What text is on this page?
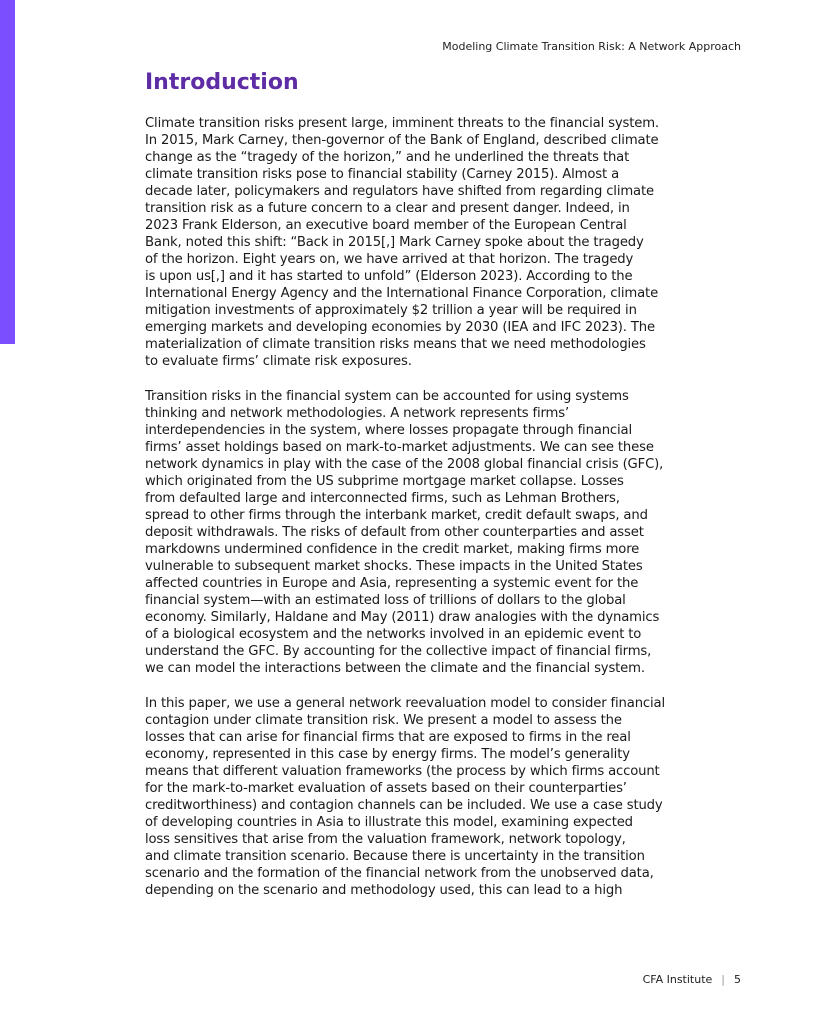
Modeling Climate Transition Risk: A Network Approach
Introduction

Climate transition risks present large, imminent threats to the financial system.
In 2015, Mark Carney, then-governor of the Bank of England, described climate
change as the “tragedy of the horizon,” and he underlined the threats that
climate transition risks pose to financial stability (Carney 2015). Almost a
decade later, policymakers and regulators have shifted from regarding climate
transition risk as a future concern to a clear and present danger. Indeed, in
2023 Frank Elderson, an executive board member of the European Central
Bank, noted this shift: “Back in 2015[,] Mark Carney spoke about the tragedy
of the horizon. Eight years on, we have arrived at that horizon. The tragedy
is upon us[,] and it has started to unfold” (Elderson 2023). According to the
International Energy Agency and the International Finance Corporation, climate
mitigation investments of approximately $2 trillion a year will be required in
emerging markets and developing economies by 2030 (IEA and IFC 2023). The
materialization of climate transition risks means that we need methodologies
to evaluate firms’ climate risk exposures.

Transition risks in the financial system can be accounted for using systems
thinking and network methodologies. A network represents firms’
interdependencies in the system, where losses propagate through financial
firms’ asset holdings based on mark-to-market adjustments. We can see these
network dynamics in play with the case of the 2008 global financial crisis (GFC),
which originated from the US subprime mortgage market collapse. Losses
from defaulted large and interconnected firms, such as Lehman Brothers,
spread to other firms through the interbank market, credit default swaps, and
deposit withdrawals. The risks of default from other counterparties and asset
markdowns undermined confidence in the credit market, making firms more
vulnerable to subsequent market shocks. These impacts in the United States
affected countries in Europe and Asia, representing a systemic event for the
financial system—with an estimated loss of trillions of dollars to the global
economy. Similarly, Haldane and May (2011) draw analogies with the dynamics
of a biological ecosystem and the networks involved in an epidemic event to
understand the GFC. By accounting for the collective impact of financial firms,
we can model the interactions between the climate and the financial system.

In this paper, we use a general network reevaluation model to consider financial
contagion under climate transition risk. We present a model to assess the
losses that can arise for financial firms that are exposed to firms in the real
economy, represented in this case by energy firms. The model’s generality
means that different valuation frameworks (the process by which firms account
for the mark-to-market evaluation of assets based on their counterparties’
creditworthiness) and contagion channels can be included. We use a case study
of developing countries in Asia to illustrate this model, examining expected
loss sensitives that arise from the valuation framework, network topology,
and climate transition scenario. Because there is uncertainty in the transition
scenario and the formation of the financial network from the unobserved data,
depending on the scenario and methodology used, this can lead to a high

CFA Institute | 5
